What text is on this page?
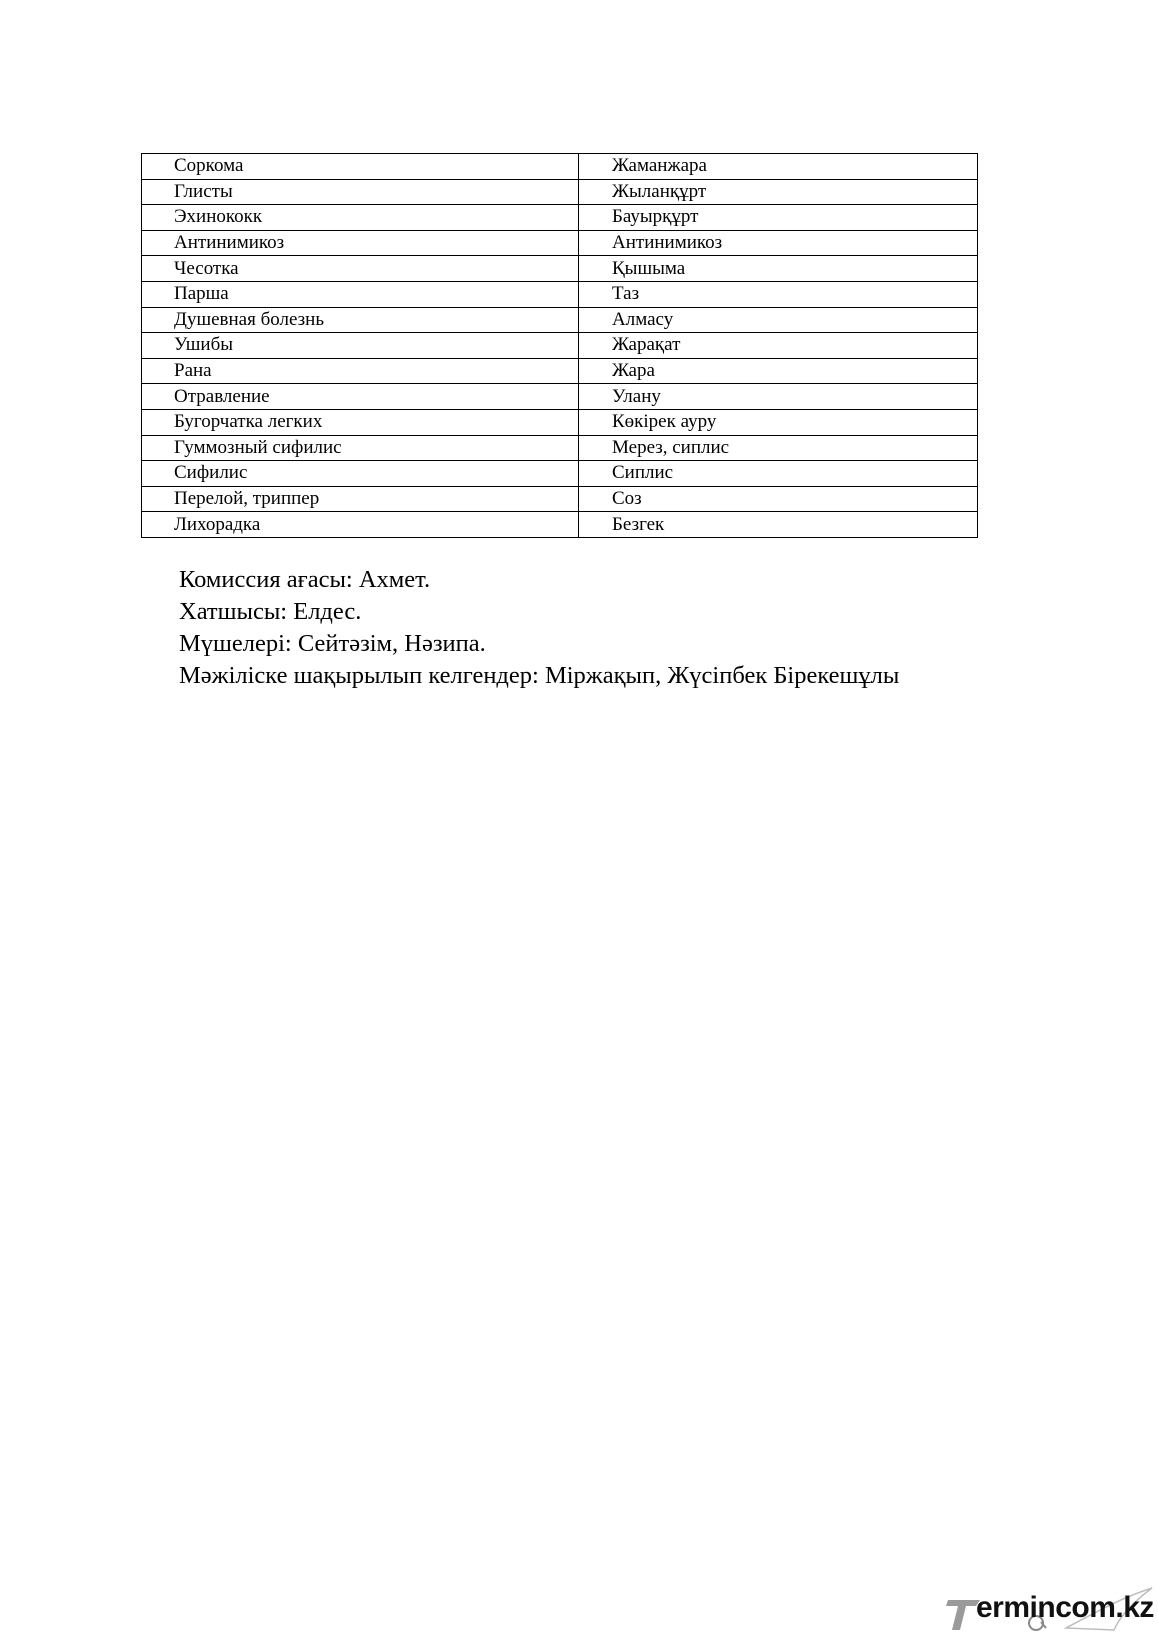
Соркома	Жаманжара
Глисты	Жыланқұрт
Эхинококк	Бауырқұрт
Антинимикоз	Антинимикоз
Чесотка	Қышыма
Парша	Таз
Душевная болезнь	Алмасу
Ушибы	Жарақат
Рана	Жара
Отравление	Улану
Бугорчатка легких	Көкірек ауру
Гуммозный сифилис	Мерез, сиплис
Сифилис	Сиплис
Перелой, триппер	Соз
Лихорадка	Безгек
Комиссия ағасы: Ахмет.
Хатшысы: Елдес.
Мүшелері: Сейтәзім, Нәзипа.
Мәжіліске шақырылып келгендер: Міржақып, Жүсіпбек Бірекешұлы
ermincom.kz
